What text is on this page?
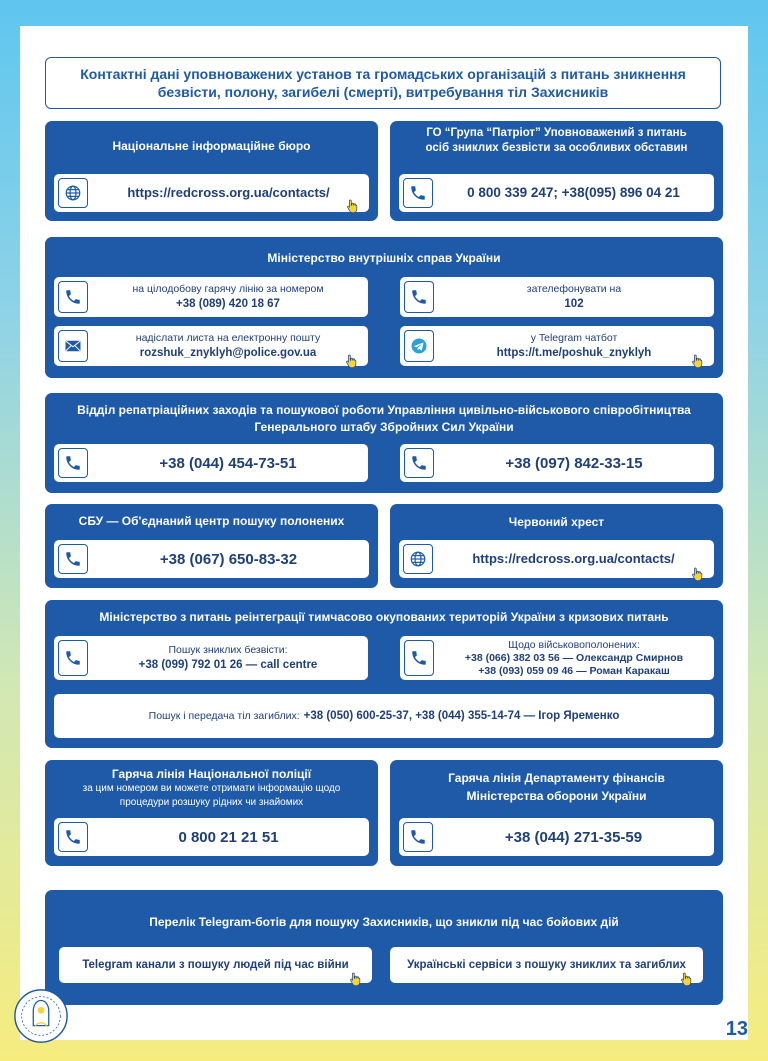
Контактні дані уповноважених установ та громадських організацій з питань зникнення безвісти, полону, загибелі (смерті), витребування тіл Захисників
Національне інформаційне бюро
https://redcross.org.ua/contacts/
ГО “Група “Патріот” Уповноважений з питань осіб зниклих безвісти за особливих обставин
0 800 339 247; +38(095) 896 04 21
Міністерство внутрішніх справ України
на цілодобову гарячу лінію за номером
+38 (089) 420 18 67
зателефонувати на
102
надіслати листа на електронну пошту
rozshuk_znyklyh@police.gov.ua
у Telegram чатбот
https://t.me/poshuk_znyklyh
Відділ репатріаційних заходів та пошукової роботи Управління цивільно-військового співробітництва Генерального штабу Збройних Сил України
+38 (044) 454-73-51	+38 (097) 842-33-15
СБУ — Об'єднаний центр пошуку полонених
+38 (067) 650-83-32
Червоний хрест
https://redcross.org.ua/contacts/
Міністерство з питань реінтеграції тимчасово окупованих територій України з кризових питань
Пошук зниклих безвісти:
+38 (099) 792 01 26 — call centre
Щодо військовополонених:
+38 (066) 382 03 56 — Олександр Смирнов
+38 (093) 059 09 46 — Роман Каракаш
Пошук і передача тіл загиблих: +38 (050) 600-25-37, +38 (044) 355-14-74 — Ігор Яременко
Гаряча лінія Національної поліції
за цим номером ви можете отримати інформацію щодо процедури розшуку рідних чи знайомих
0 800 21 21 51
Гаряча лінія Департаменту фінансів Міністерства оборони України
+38 (044) 271-35-59
Перелік Telegram-ботів для пошуку Захисників, що зникли під час бойових дій
Telegram канали з пошуку людей під час війни	Українські сервіси з пошуку зниклих та загиблих
13
